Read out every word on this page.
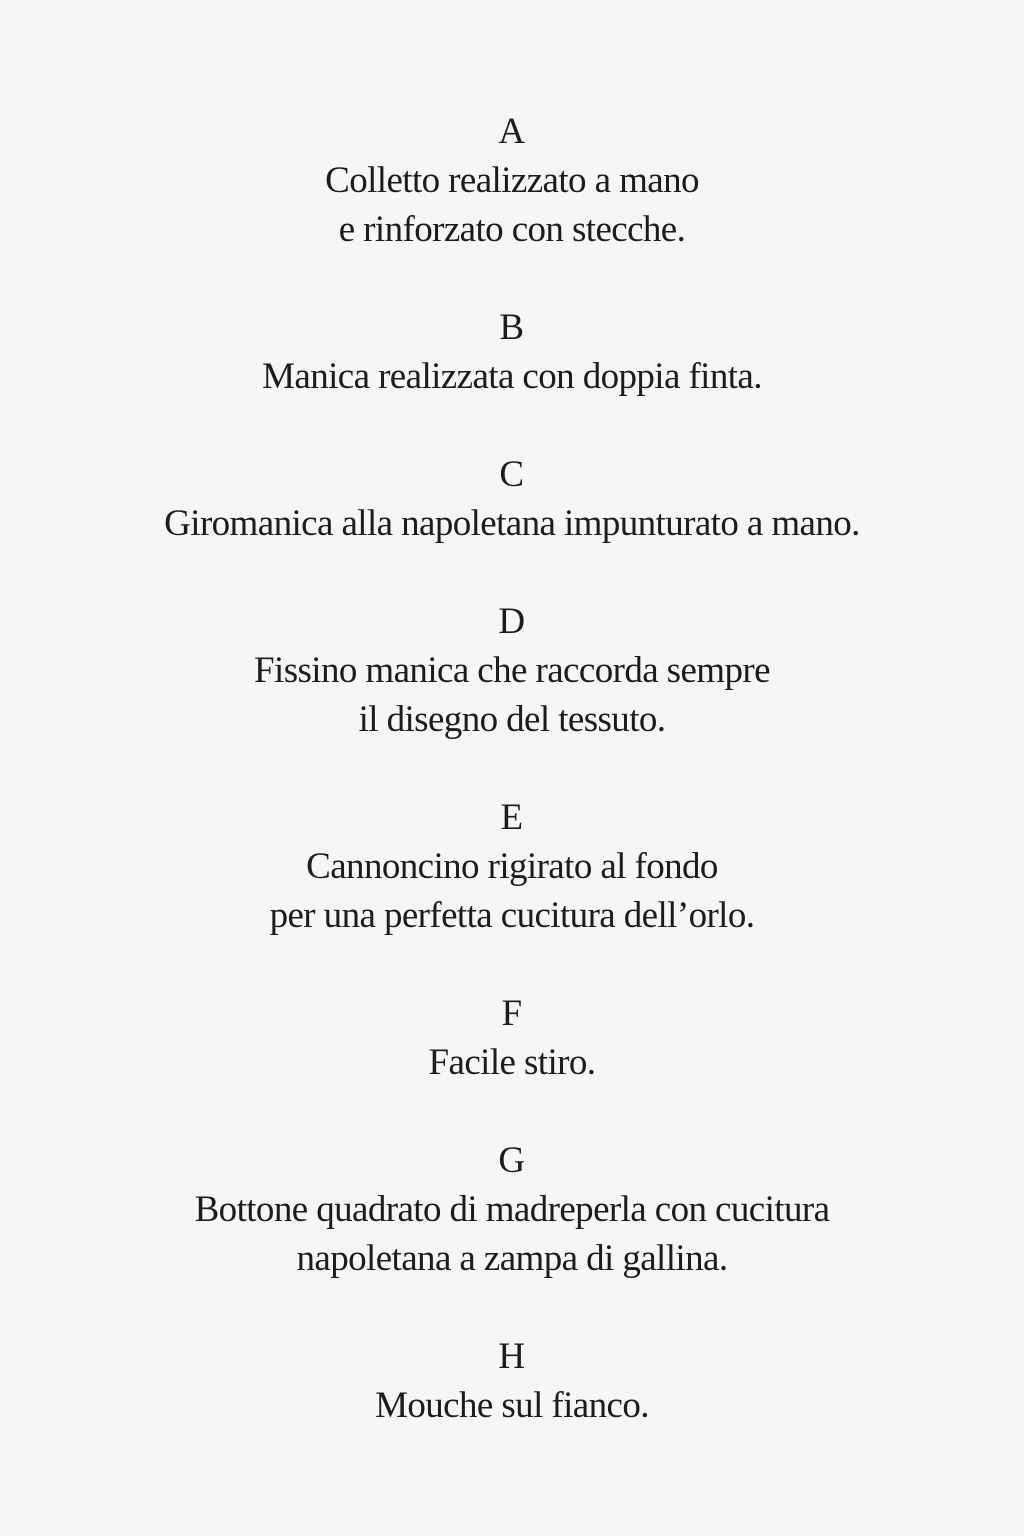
A
Colletto realizzato a mano
e rinforzato con stecche.
B
Manica realizzata con doppia finta.
C
Giromanica alla napoletana impunturato a mano.
D
Fissino manica che raccorda sempre
il disegno del tessuto.
E
Cannoncino rigirato al fondo
per una perfetta cucitura dell’orlo.
F
Facile stiro.
G
Bottone quadrato di madreperla con cucitura
napoletana a zampa di gallina.
H
Mouche sul fianco.
